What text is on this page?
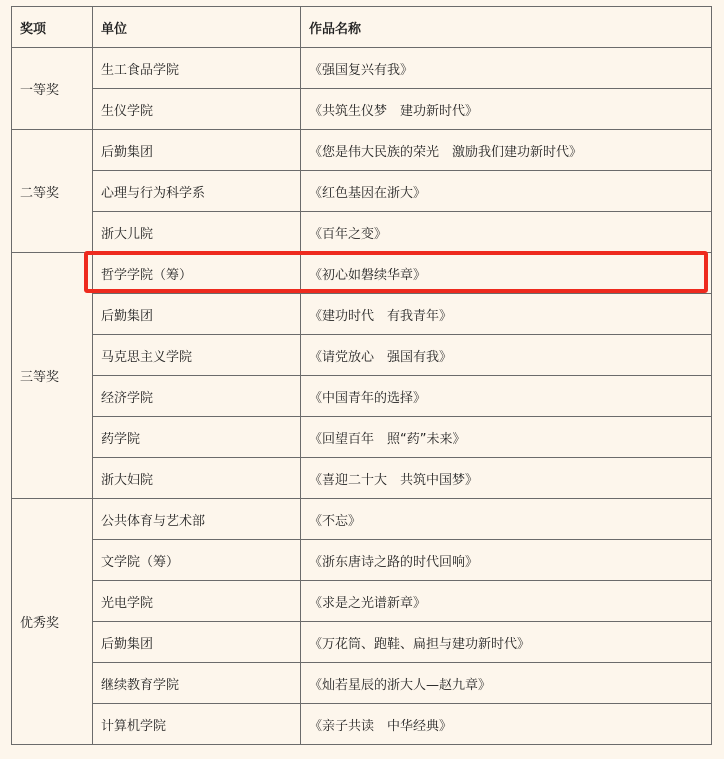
奖项	单位	作品名称
一等奖	生工食品学院	《强国复兴有我》
	生仪学院	《共筑生仪梦　建功新时代》
二等奖	后勤集团	《您是伟大民族的荣光　激励我们建功新时代》
	心理与行为科学系	《红色基因在浙大》
	浙大儿院	《百年之变》
三等奖	哲学学院（筹）	《初心如磐续华章》
	后勤集团	《建功时代　有我青年》
	马克思主义学院	《请党放心　强国有我》
	经济学院	《中国青年的选择》
	药学院	《回望百年　照“药”未来》
	浙大妇院	《喜迎二十大　共筑中国梦》
优秀奖	公共体育与艺术部	《不忘》
	文学院（筹）	《浙东唐诗之路的时代回响》
	光电学院	《求是之光谱新章》
	后勤集团	《万花筒、跑鞋、扁担与建功新时代》
	继续教育学院	《灿若星辰的浙大人—赵九章》
	计算机学院	《亲子共读　中华经典》
